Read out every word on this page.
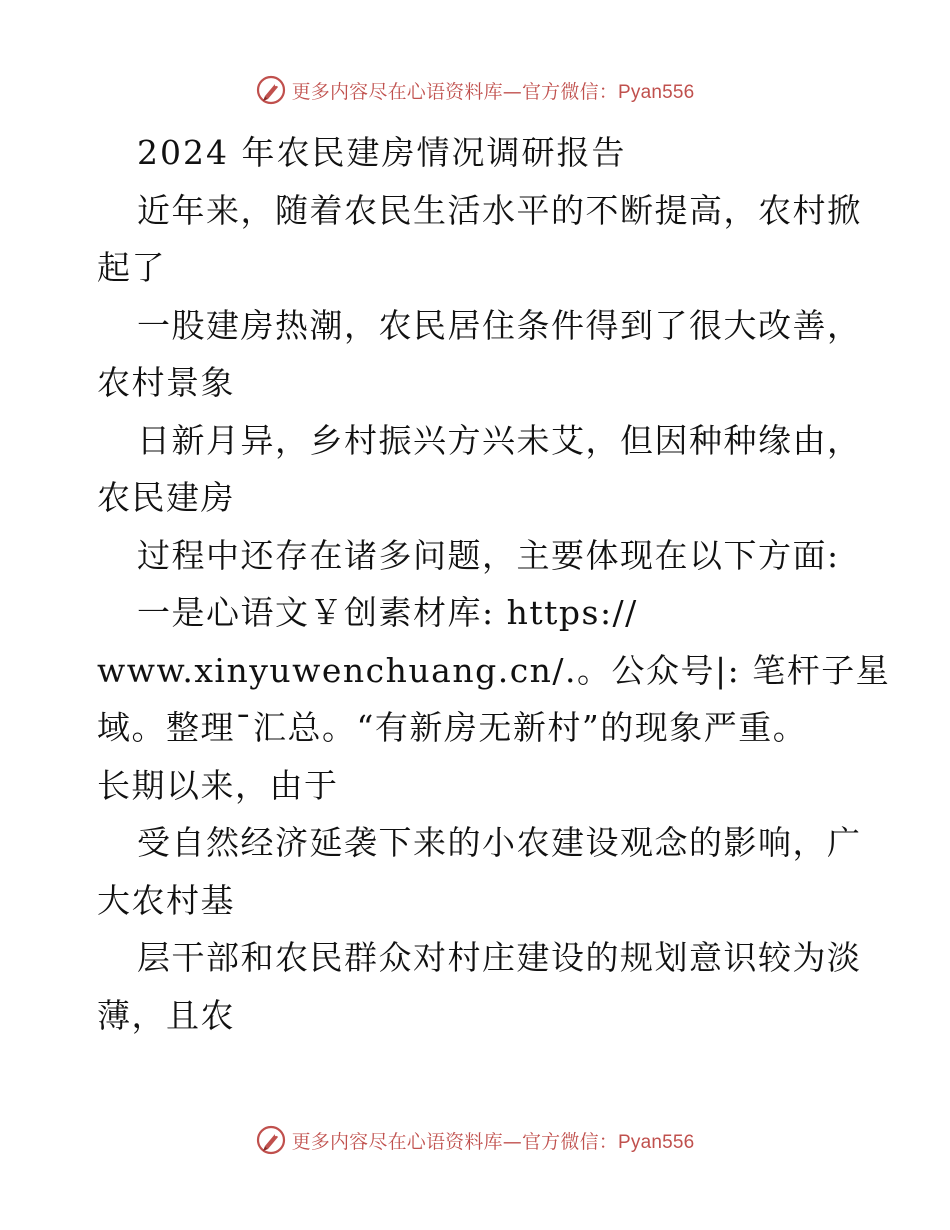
更多内容尽在心语资料库—官方微信：Pyan556
2024 年农民建房情况调研报告
近年来，随着农民生活水平的不断提高，农村掀
起了
一股建房热潮，农民居住条件得到了很大改善，
农村景象
日新月异，乡村振兴方兴未艾，但因种种缘由，
农民建房
过程中还存在诸多问题，主要体现在以下方面:
一是心语文￥创素材库: https://
www.xinyuwenchuang.cn/.。公众号|: 笔杆子星
域。整理¯汇总。“有新房无新村”的现象严重。
长期以来，由于
受自然经济延袭下来的小农建设观念的影响，广
大农村基
层干部和农民群众对村庄建设的规划意识较为淡
薄，且农
更多内容尽在心语资料库—官方微信：Pyan556
